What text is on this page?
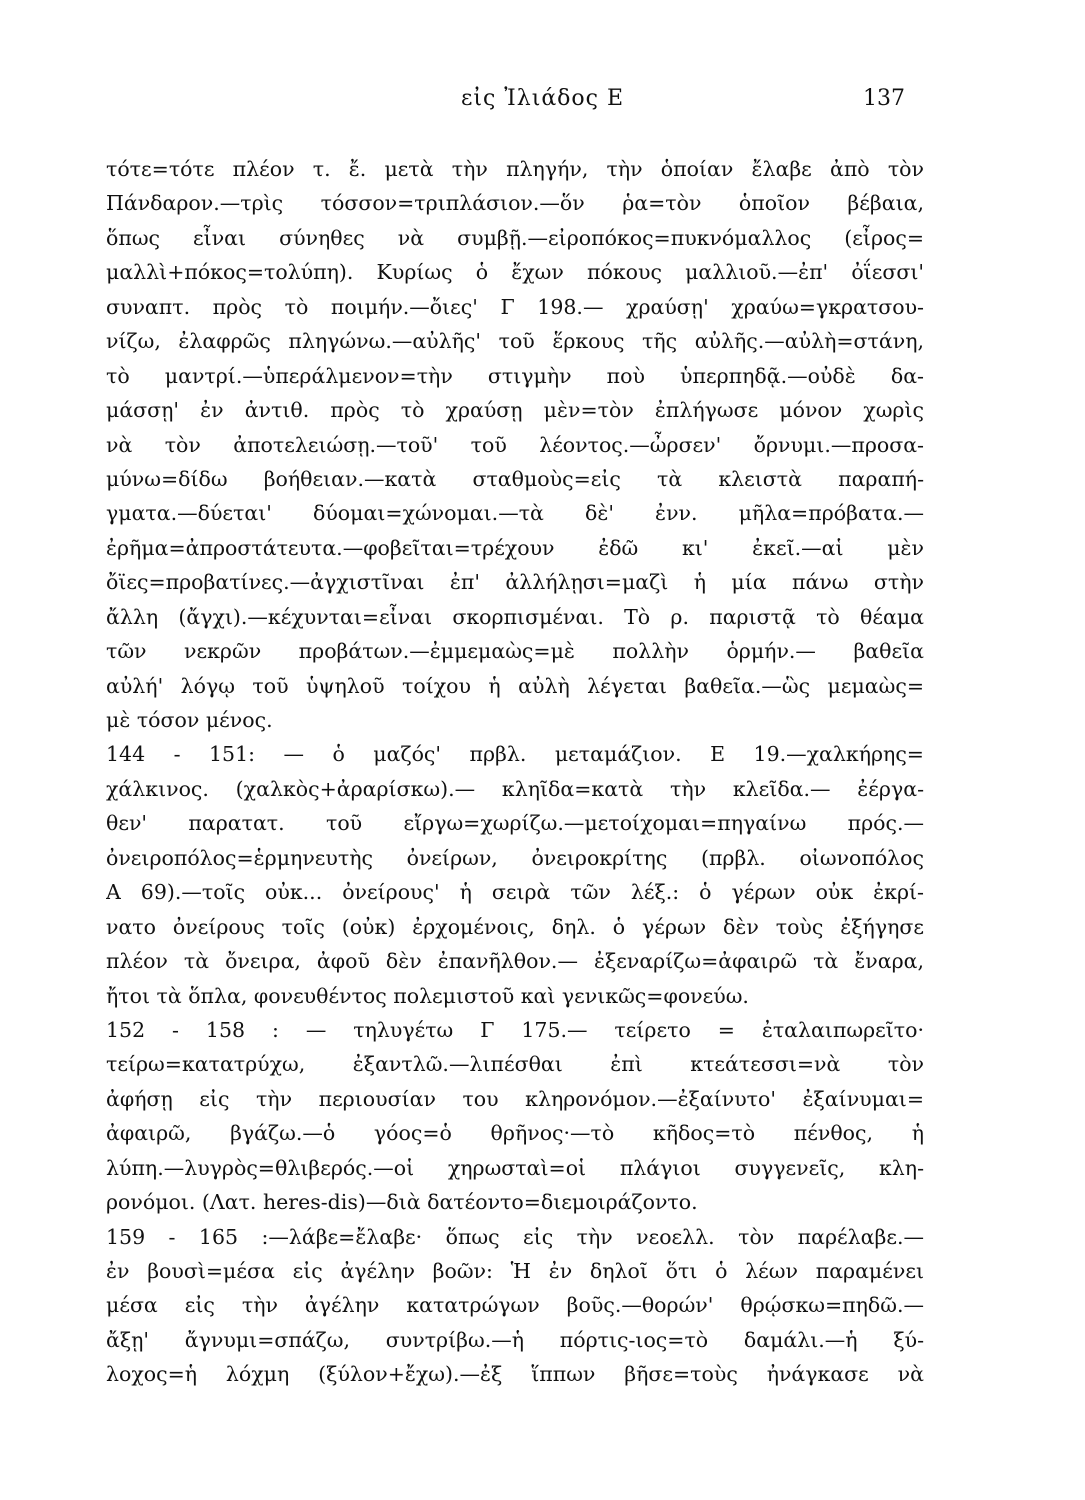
εἰς Ἰλιάδος Ε	137
τότε=τότε πλέον τ. ἔ. μετὰ τὴν πληγήν, τὴν ὁποίαν ἔλαβε ἀπὸ τὸν
Πάνδαρον.—τρὶς τόσσον=τριπλάσιον.—ὅν ῥα=τὸν ὁποῖον βέβαια,
ὅπως εἶναι σύνηθες νὰ συμβῇ.—εἰροπόκος=πυκνόμαλλος (εἶρος=
μαλλὶ+πόκος=τολύπη). Κυρίως ὁ ἔχων πόκους μαλλιοῦ.—ἐπ' ὀΐεσσι'
συναπτ. πρὸς τὸ ποιμήν.—ὄιες' Γ 198.— χραύσῃ' χραύω=γκρατσου-
νίζω, ἐλαφρῶς πληγώνω.—αὐλῆς' τοῦ ἕρκους τῆς αὐλῆς.—αὐλὴ=στάνη,
τὸ μαντρί.—ὑπεράλμενον=τὴν στιγμὴν ποὺ ὑπερπηδᾷ.—οὐδὲ δα-
μάσσῃ' ἐν ἀντιθ. πρὸς τὸ χραύσῃ μὲν=τὸν ἐπλήγωσε μόνον χωρὶς
νὰ τὸν ἀποτελειώσῃ.—τοῦ' τοῦ λέοντος.—ὦρσεν' ὄρνυμι.—προσα-
μύνω=δίδω βοήθειαν.—κατὰ σταθμοὺς=εἰς τὰ κλειστὰ παραπή-
γματα.—δύεται' δύομαι=χώνομαι.—τὰ δὲ' ἐνν. μῆλα=πρόβατα.—
ἐρῆμα=ἀπροστάτευτα.—φοβεῖται=τρέχουν ἐδῶ κι' ἐκεῖ.—αἱ μὲν
ὄϊες=προβατίνες.—ἀγχιστῖναι ἐπ' ἀλλήλῃσι=μαζὶ ἡ μία πάνω στὴν
ἄλλη (ἄγχι).—κέχυνται=εἶναι σκορπισμέναι. Τὸ ρ. παριστᾷ τὸ θέαμα
τῶν νεκρῶν προβάτων.—ἐμμεμαὼς=μὲ πολλὴν ὁρμήν.— βαθεῖα
αὐλή' λόγῳ τοῦ ὑψηλοῦ τοίχου ἡ αὐλὴ λέγεται βαθεῖα.—ὣς μεμαὼς=
μὲ τόσον μένος.
144 - 151: — ὁ μαζός' πρβλ. μεταμάζιον. Ε 19.—χαλκήρης=
χάλκινος. (χαλκὸς+ἀραρίσκω).— κληῖδα=κατὰ τὴν κλεῖδα.— ἐέργα-
θεν' παρατατ. τοῦ εἴργω=χωρίζω.—μετοίχομαι=πηγαίνω πρός.—
ὀνειροπόλος=ἑρμηνευτὴς ὀνείρων, ὀνειροκρίτης (πρβλ. οἰωνοπόλος
Α 69).—τοῖς οὐκ... ὀνείρους' ἡ σειρὰ τῶν λέξ.: ὁ γέρων οὐκ ἐκρί-
νατο ὀνείρους τοῖς (οὐκ) ἐρχομένοις, δηλ. ὁ γέρων δὲν τοὺς ἐξήγησε
πλέον τὰ ὄνειρα, ἀφοῦ δὲν ἐπανῆλθον.— ἐξεναρίζω=ἀφαιρῶ τὰ ἔναρα,
ἤτοι τὰ ὅπλα, φονευθέντος πολεμιστοῦ καὶ γενικῶς=φονεύω.
152 - 158 : — τηλυγέτω Γ 175.— τείρετο = ἐταλαιπωρεῖτο·
τείρω=κατατρύχω, ἐξαντλῶ.—λιπέσθαι ἐπὶ κτεάτεσσι=νὰ τὸν
ἀφήσῃ εἰς τὴν περιουσίαν του κληρονόμον.—ἐξαίνυτο' ἐξαίνυμαι=
ἀφαιρῶ, βγάζω.—ὁ γόος=ὁ θρῆνος·—τὸ κῆδος=τὸ πένθος, ἡ
λύπη.—λυγρὸς=θλιβερός.—οἱ χηρωσταὶ=οἱ πλάγιοι συγγενεῖς, κλη-
ρονόμοι. (Λατ. heres-dis)—διὰ δατέοντο=διεμοιράζοντο.
159 - 165 :—λάβε=ἔλαβε· ὅπως εἰς τὴν νεοελλ. τὸν παρέλαβε.—
ἐν βουσὶ=μέσα εἰς ἀγέλην βοῶν: Ἡ ἐν δηλοῖ ὅτι ὁ λέων παραμένει
μέσα εἰς τὴν ἀγέλην κατατρώγων βοῦς.—θορών' θρῴσκω=πηδῶ.—
ἄξῃ' ἄγνυμι=σπάζω, συντρίβω.—ἡ πόρτις-ιος=τὸ δαμάλι.—ἡ ξύ-
λοχος=ἡ λόχμη (ξύλον+ἔχω).—ἐξ ἵππων βῆσε=τοὺς ἠνάγκασε νὰ
